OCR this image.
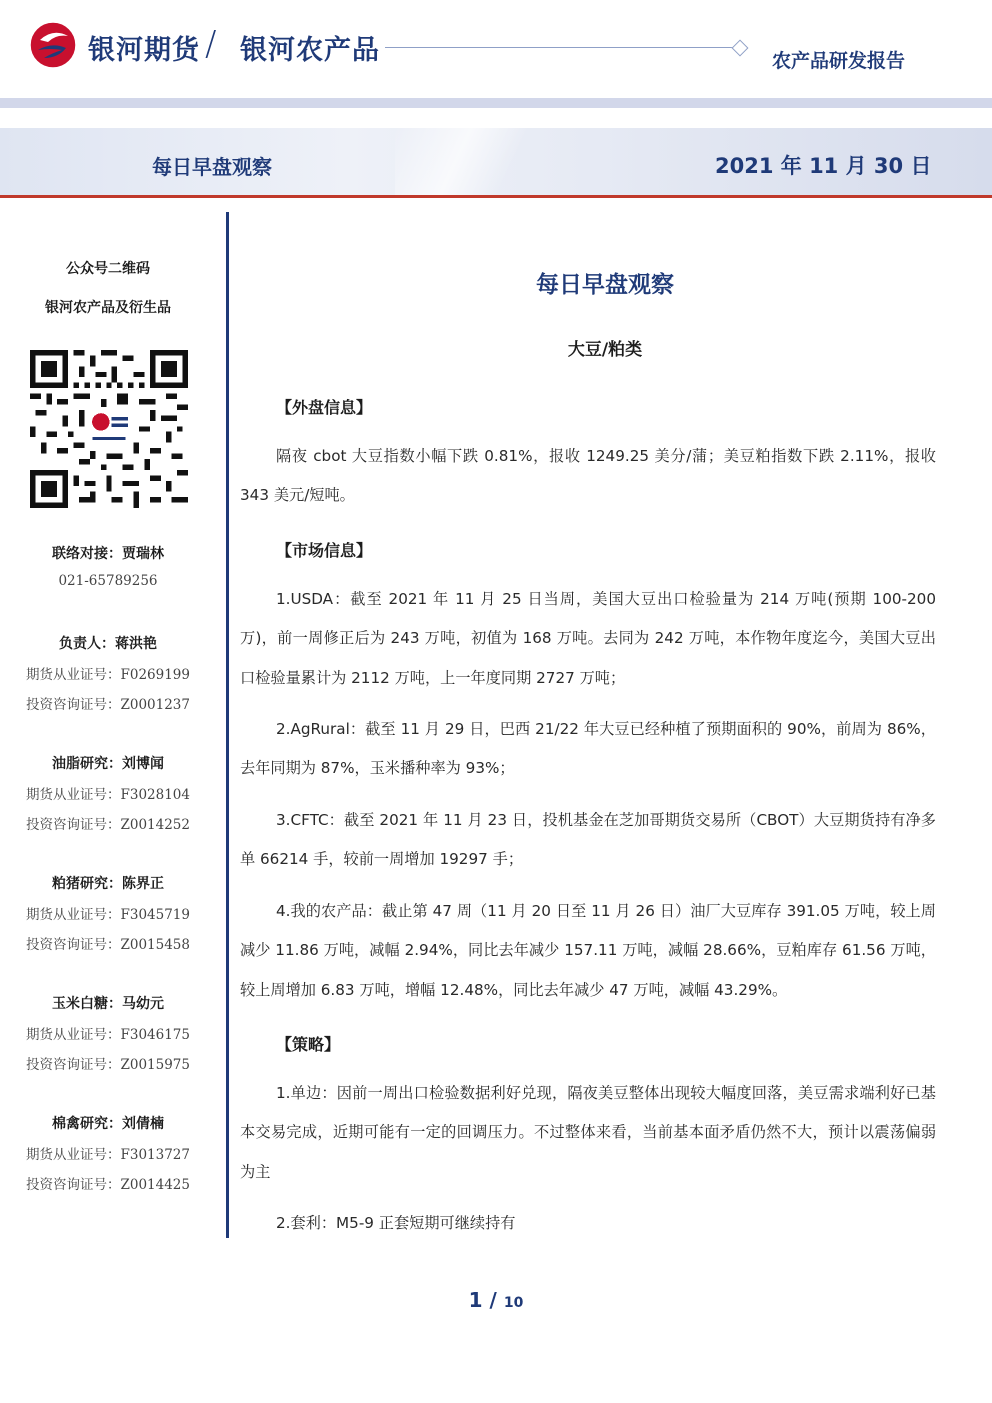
银河期货 / 银河农产品	农产品研发报告
每日早盘观察	2021 年 11 月 30 日
公众号二维码
银河农产品及衍生品
联络对接：贾瑞林
021-65789256
负责人：蒋洪艳
期货从业证号：F0269199
投资咨询证号：Z0001237
油脂研究：刘博闻
期货从业证号：F3028104
投资咨询证号：Z0014252
粕猪研究：陈界正
期货从业证号：F3045719
投资咨询证号：Z0015458
玉米白糖：马幼元
期货从业证号：F3046175
投资咨询证号：Z0015975
棉禽研究：刘倩楠
期货从业证号：F3013727
投资咨询证号：Z0014425
每日早盘观察
大豆/粕类
【外盘信息】

隔夜 cbot 大豆指数小幅下跌 0.81%，报收 1249.25 美分/蒲；美豆粕指数下跌 2.11%，报收 343 美元/短吨。

【市场信息】

1.USDA：截至 2021 年 11 月 25 日当周，美国大豆出口检验量为 214 万吨(预期 100-200 万)，前一周修正后为 243 万吨，初值为 168 万吨。去同为 242 万吨，本作物年度迄今，美国大豆出口检验量累计为 2112 万吨，上一年度同期 2727 万吨；

2.AgRural：截至 11 月 29 日，巴西 21/22 年大豆已经种植了预期面积的 90%，前周为 86%，去年同期为 87%，玉米播种率为 93%；

3.CFTC：截至 2021 年 11 月 23 日，投机基金在芝加哥期货交易所（CBOT）大豆期货持有净多单 66214 手，较前一周增加 19297 手；

4.我的农产品：截止第 47 周（11 月 20 日至 11 月 26 日）油厂大豆库存 391.05 万吨，较上周减少 11.86 万吨，减幅 2.94%，同比去年减少 157.11 万吨，减幅 28.66%，豆粕库存 61.56 万吨，较上周增加 6.83 万吨，增幅 12.48%，同比去年减少 47 万吨，减幅 43.29%。

【策略】

1.单边：因前一周出口检验数据利好兑现，隔夜美豆整体出现较大幅度回落，美豆需求端利好已基本交易完成，近期可能有一定的回调压力。不过整体来看，当前基本面矛盾仍然不大，预计以震荡偏弱为主

2.套利：M5-9 正套短期可继续持有

1 / 10
